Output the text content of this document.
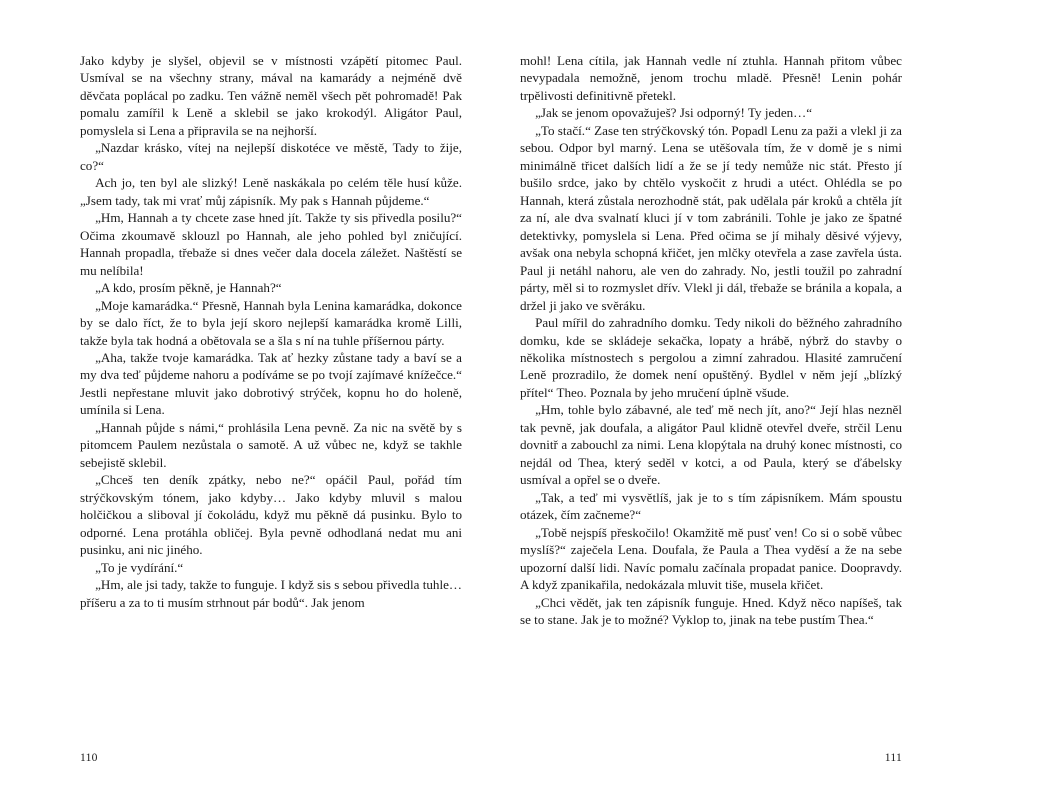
Jako kdyby je slyšel, objevil se v místnosti vzápětí pitomec Paul. Usmíval se na všechny strany, mával na kamarády a nejméně dvě děvčata poplácal po zadku. Ten vážně neměl všech pět pohromadě! Pak pomalu zamířil k Leně a sklebil se jako krokodýl. Aligátor Paul, pomyslela si Lena a připravila se na nejhorší.

„Nazdar krásko, vítej na nejlepší diskotéce ve městě, Tady to žije, co?“

Ach jo, ten byl ale slizký! Leně naskákala po celém těle husí kůže. „Jsem tady, tak mi vrať můj zápisník. My pak s Hannah půjdeme.“

„Hm, Hannah a ty chcete zase hned jít. Takže ty sis přivedla posilu?“ Očima zkoumavě sklouzl po Hannah, ale jeho pohled byl zničující. Hannah propadla, třebaže si dnes večer dala docela záležet. Naštěstí se mu nelíbila!

„A kdo, prosím pěkně, je Hannah?“

„Moje kamarádka.“ Přesně, Hannah byla Lenina kamarádka, dokonce by se dalo říct, že to byla její skoro nejlepší kamarádka kromě Lilli, takže byla tak hodná a obětovala se a šla s ní na tuhle příšernou párty.

„Aha, takže tvoje kamarádka. Tak ať hezky zůstane tady a baví se a my dva teď půjdeme nahoru a podíváme se po tvojí zajímavé knížečce.“ Jestli nepřestane mluvit jako dobrotivý strýček, kopnu ho do holeně, umínila si Lena.

„Hannah půjde s námi,“ prohlásila Lena pevně. Za nic na světě by s pitomcem Paulem nezůstala o samotě. A už vůbec ne, když se takhle sebejistě sklebil.

„Chceš ten deník zpátky, nebo ne?“ opáčil Paul, pořád tím strýčkovským tónem, jako kdyby… Jako kdyby mluvil s malou holčičkou a sliboval jí čokoládu, když mu pěkně dá pusinku. Bylo to odporné. Lena protáhla obličej. Byla pevně odhodlaná nedat mu ani pusinku, ani nic jiného.

„To je vydírání.“

„Hm, ale jsi tady, takže to funguje. I když sis s sebou přivedla tuhle… příšeru a za to ti musím strhnout pár bodů“. Jak jenom

110

mohl! Lena cítila, jak Hannah vedle ní ztuhla. Hannah přitom vůbec nevypadala nemožně, jenom trochu mladě. Přesně! Lenin pohár trpělivosti definitivně přetekl.

„Jak se jenom opovažuješ? Jsi odporný! Ty jeden…“

„To stačí.“ Zase ten strýčkovský tón. Popadl Lenu za paži a vlekl ji za sebou. Odpor byl marný. Lena se utěšovala tím, že v domě je s nimi minimálně třicet dalších lidí a že se jí tedy nemůže nic stát. Přesto jí bušilo srdce, jako by chtělo vyskočit z hrudi a utéct. Ohlédla se po Hannah, která zůstala nerozhodně stát, pak udělala pár kroků a chtěla jít za ní, ale dva svalnatí kluci jí v tom zabránili. Tohle je jako ze špatné detektivky, pomyslela si Lena. Před očima se jí mihaly děsivé výjevy, avšak ona nebyla schopná křičet, jen mlčky otevřela a zase zavřela ústa. Paul ji netáhl nahoru, ale ven do zahrady. No, jestli toužil po zahradní párty, měl si to rozmyslet dřív. Vlekl ji dál, třebaže se bránila a kopala, a držel ji jako ve svěráku.

Paul mířil do zahradního domku. Tedy nikoli do běžného zahradního domku, kde se skládeje sekačka, lopaty a hrábě, nýbrž do stavby o několika místnostech s pergolou a zimní zahradou. Hlasité zamručení Leně prozradilo, že domek není opuštěný. Bydlel v něm její „blízký přítel“ Theo. Poznala by jeho mručení úplně všude.

„Hm, tohle bylo zábavné, ale teď mě nech jít, ano?“ Její hlas nezněl tak pevně, jak doufala, a aligátor Paul klidně otevřel dveře, strčil Lenu dovnitř a zabouchl za nimi. Lena klopýtala na druhý konec místnosti, co nejdál od Thea, který seděl v kotci, a od Paula, který se ďábelsky usmíval a opřel se o dveře.

„Tak, a teď mi vysvětlíš, jak je to s tím zápisníkem. Mám spoustu otázek, čím začneme?“

„Tobě nejspíš přeskočilo! Okamžitě mě pusť ven! Co si o sobě vůbec myslíš?“ zaječela Lena. Doufala, že Paula a Thea vyděsí a že na sebe upozorní další lidi. Navíc pomalu začínala propadat panice. Doopravdy. A když zpanikařila, nedokázala mluvit tiše, musela křičet.

„Chci vědět, jak ten zápisník funguje. Hned. Když něco napíšeš, tak se to stane. Jak je to možné? Vyklop to, jinak na tebe pustím Thea.“

111
